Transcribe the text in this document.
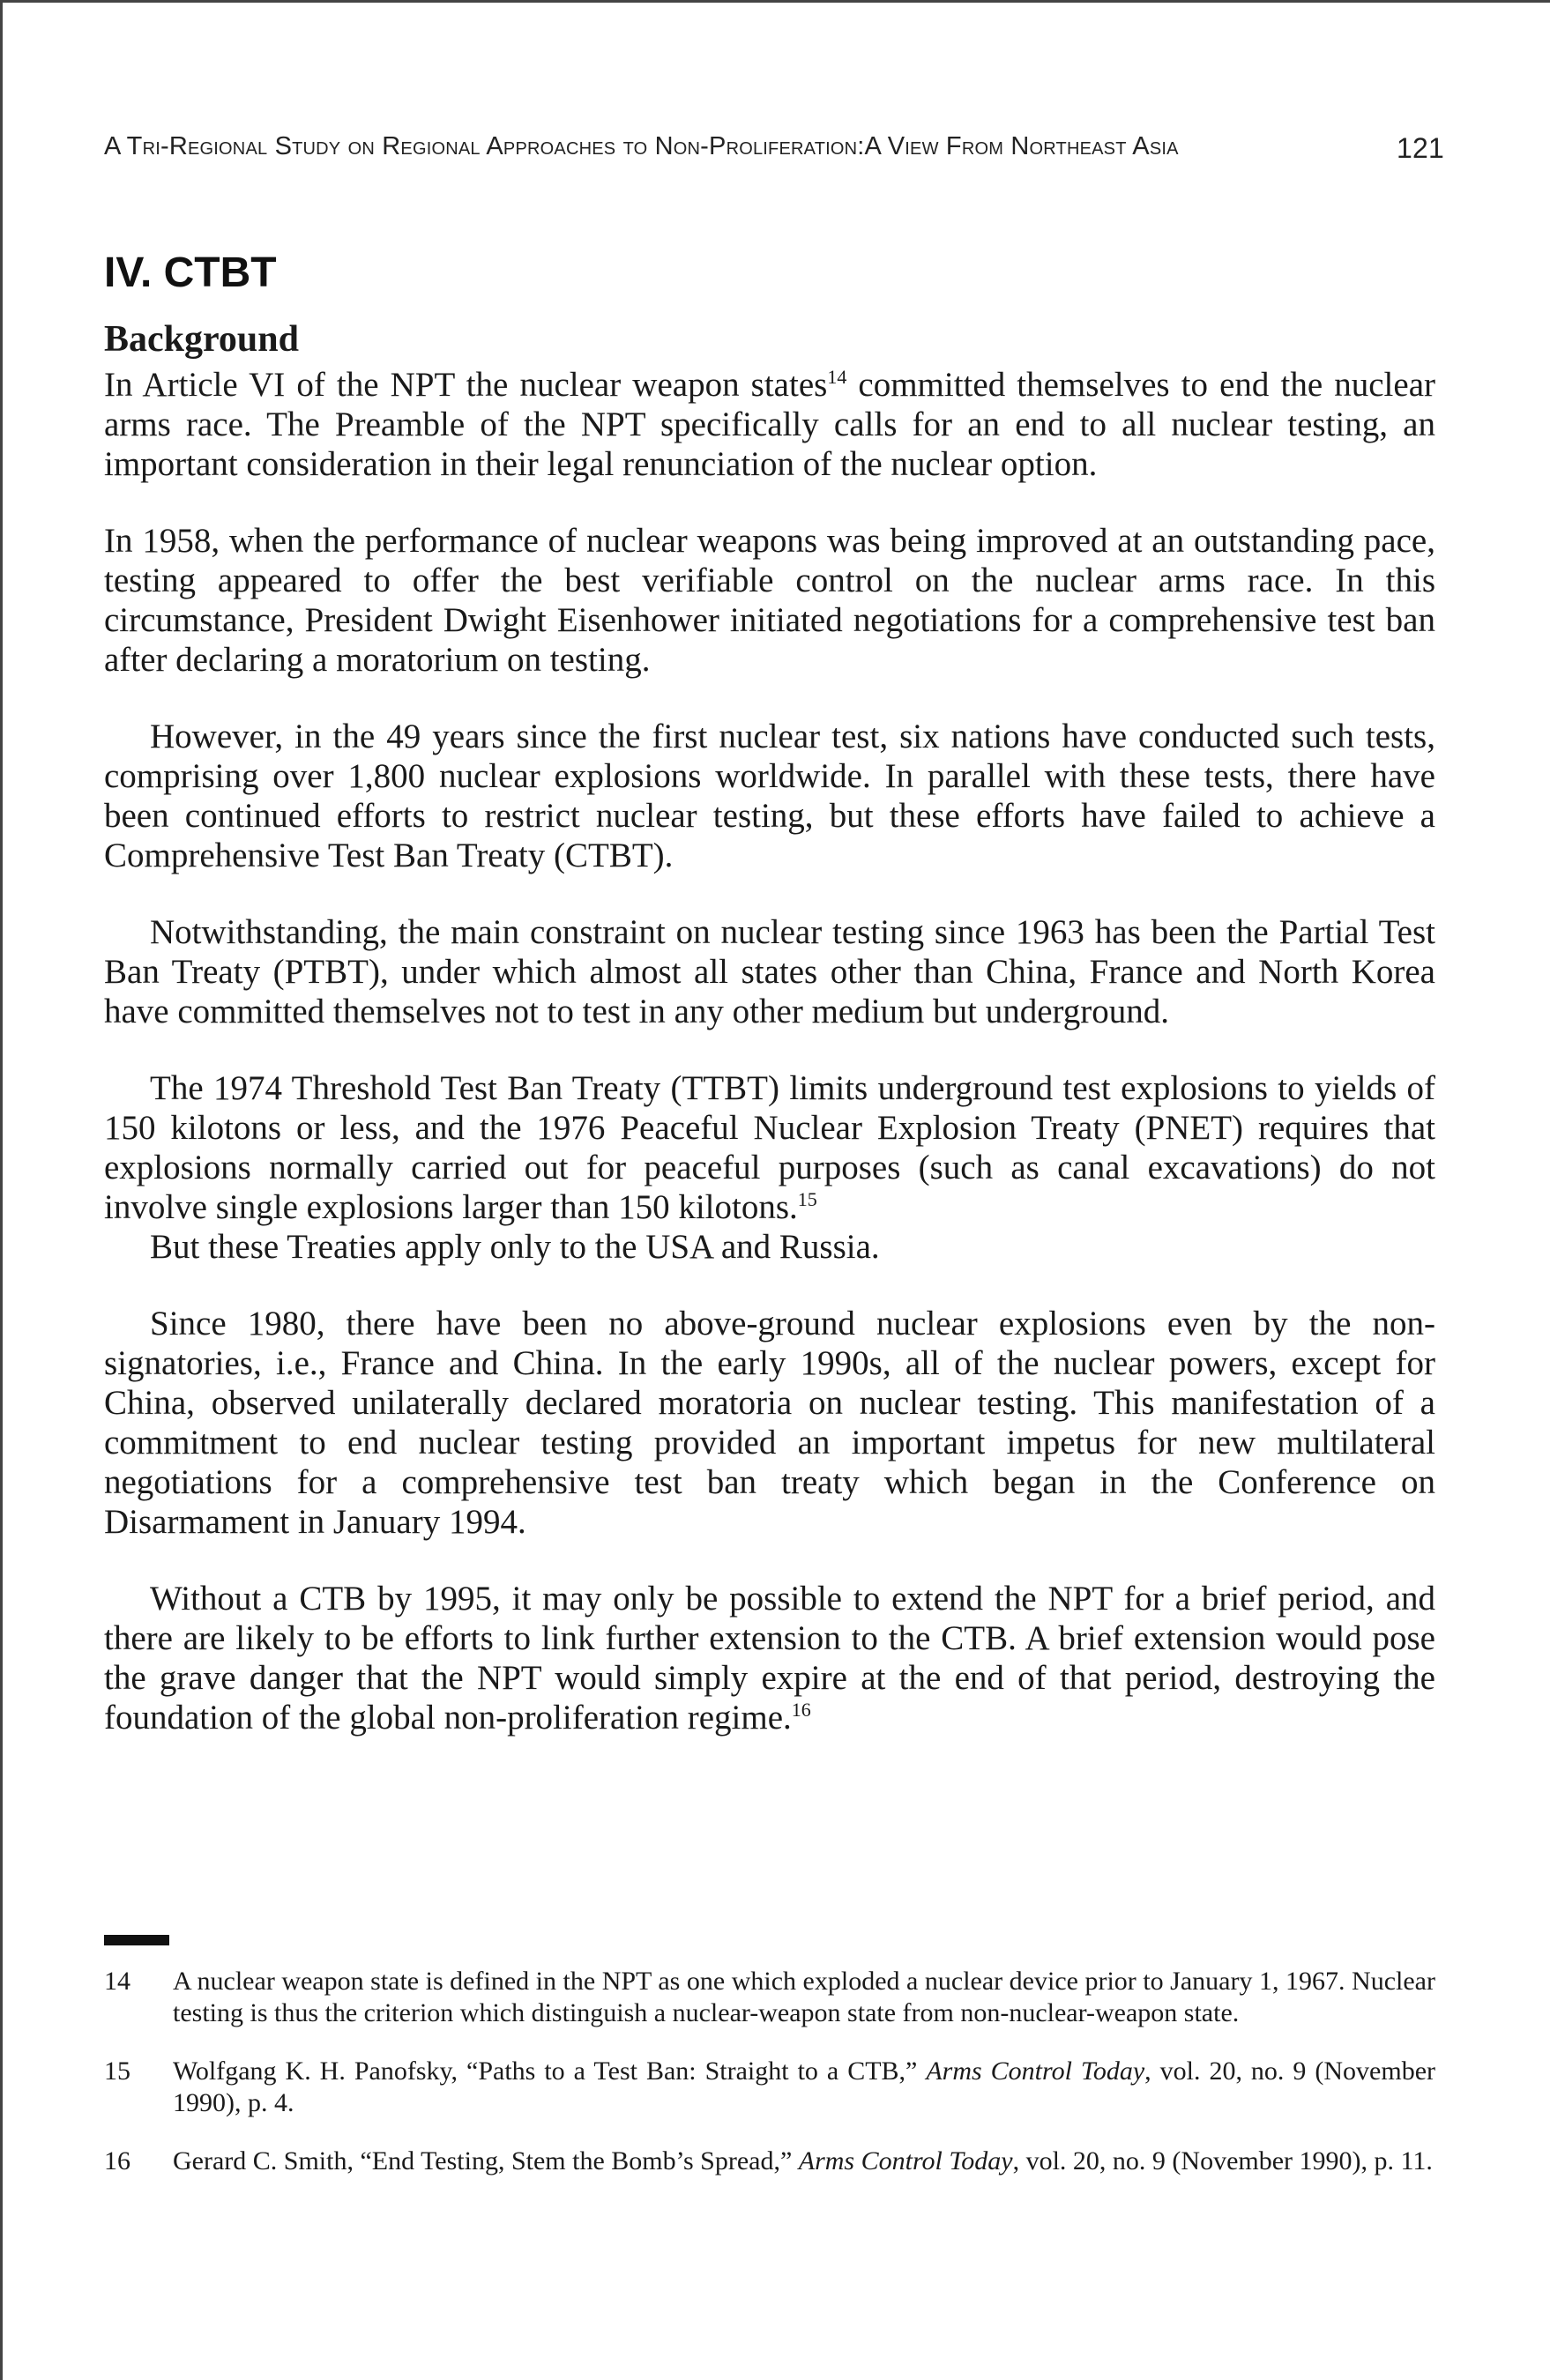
A Tri-Regional Study on Regional Approaches to Non-Proliferation:A View From Northeast Asia	121
IV. CTBT
Background

In Article VI of the NPT the nuclear weapon states$^{14}$ committed themselves to end the nuclear arms race. The Preamble of the NPT specifically calls for an end to all nuclear testing, an important consideration in their legal renunciation of the nuclear option.

In 1958, when the performance of nuclear weapons was being improved at an outstanding pace, testing appeared to offer the best verifiable control on the nuclear arms race. In this circumstance, President Dwight Eisenhower initiated negotiations for a comprehensive test ban after declaring a moratorium on testing.

However, in the 49 years since the first nuclear test, six nations have conducted such tests, comprising over 1,800 nuclear explosions worldwide. In parallel with these tests, there have been continued efforts to restrict nuclear testing, but these efforts have failed to achieve a Comprehensive Test Ban Treaty (CTBT).

Notwithstanding, the main constraint on nuclear testing since 1963 has been the Partial Test Ban Treaty (PTBT), under which almost all states other than China, France and North Korea have committed themselves not to test in any other medium but underground.

The 1974 Threshold Test Ban Treaty (TTBT) limits underground test explosions to yields of 150 kilotons or less, and the 1976 Peaceful Nuclear Explosion Treaty (PNET) requires that explosions normally carried out for peaceful purposes (such as canal excavations) do not involve single explosions larger than 150 kilotons.$^{15}$

But these Treaties apply only to the USA and Russia.

Since 1980, there have been no above-ground nuclear explosions even by the non-signatories, i.e., France and China. In the early 1990s, all of the nuclear powers, except for China, observed unilaterally declared moratoria on nuclear testing. This manifestation of a commitment to end nuclear testing provided an important impetus for new multilateral negotiations for a comprehensive test ban treaty which began in the Conference on Disarmament in January 1994.

Without a CTB by 1995, it may only be possible to extend the NPT for a brief period, and there are likely to be efforts to link further extension to the CTB. A brief extension would pose the grave danger that the NPT would simply expire at the end of that period, destroying the foundation of the global non-proliferation regime.$^{16}$

14	A nuclear weapon state is defined in the NPT as one which exploded a nuclear device prior to January 1, 1967. Nuclear testing is thus the criterion which distinguish a nuclear-weapon state from non-nuclear-weapon state.
15	Wolfgang K. H. Panofsky, “Paths to a Test Ban: Straight to a CTB,” Arms Control Today, vol. 20, no. 9 (November 1990), p. 4.
16	Gerard C. Smith, “End Testing, Stem the Bomb’s Spread,” Arms Control Today, vol. 20, no. 9 (November 1990), p. 11.
